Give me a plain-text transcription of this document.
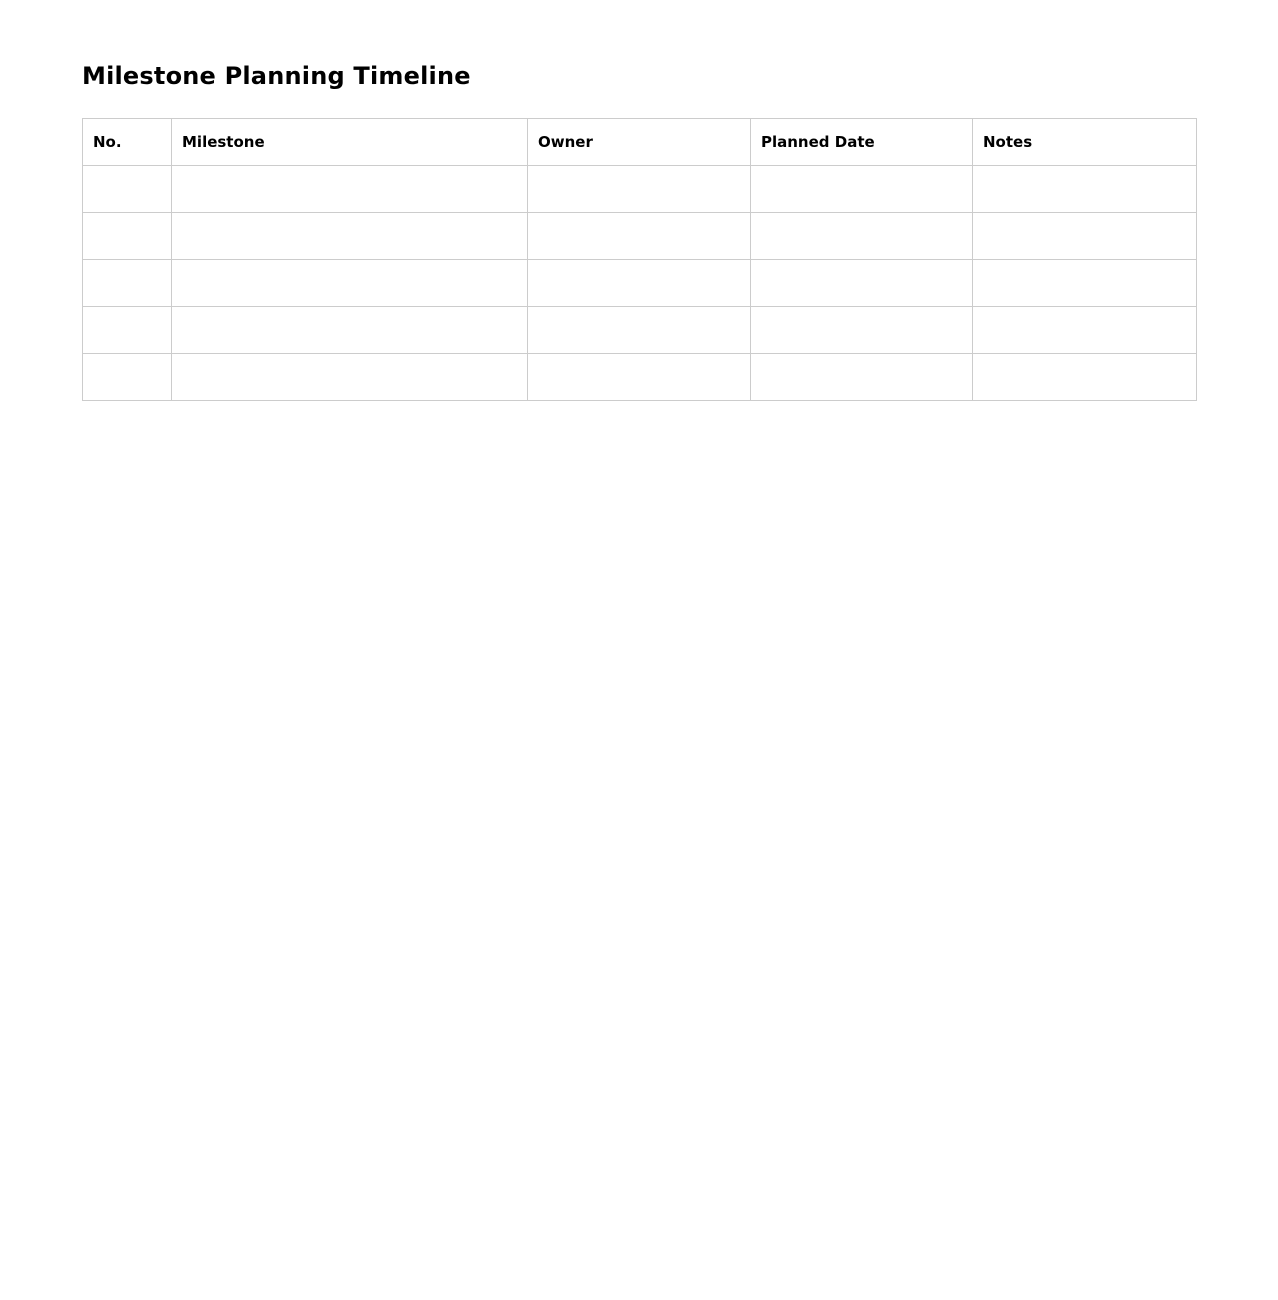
Milestone Planning Timeline
No.	Milestone	Owner	Planned Date	Notes
